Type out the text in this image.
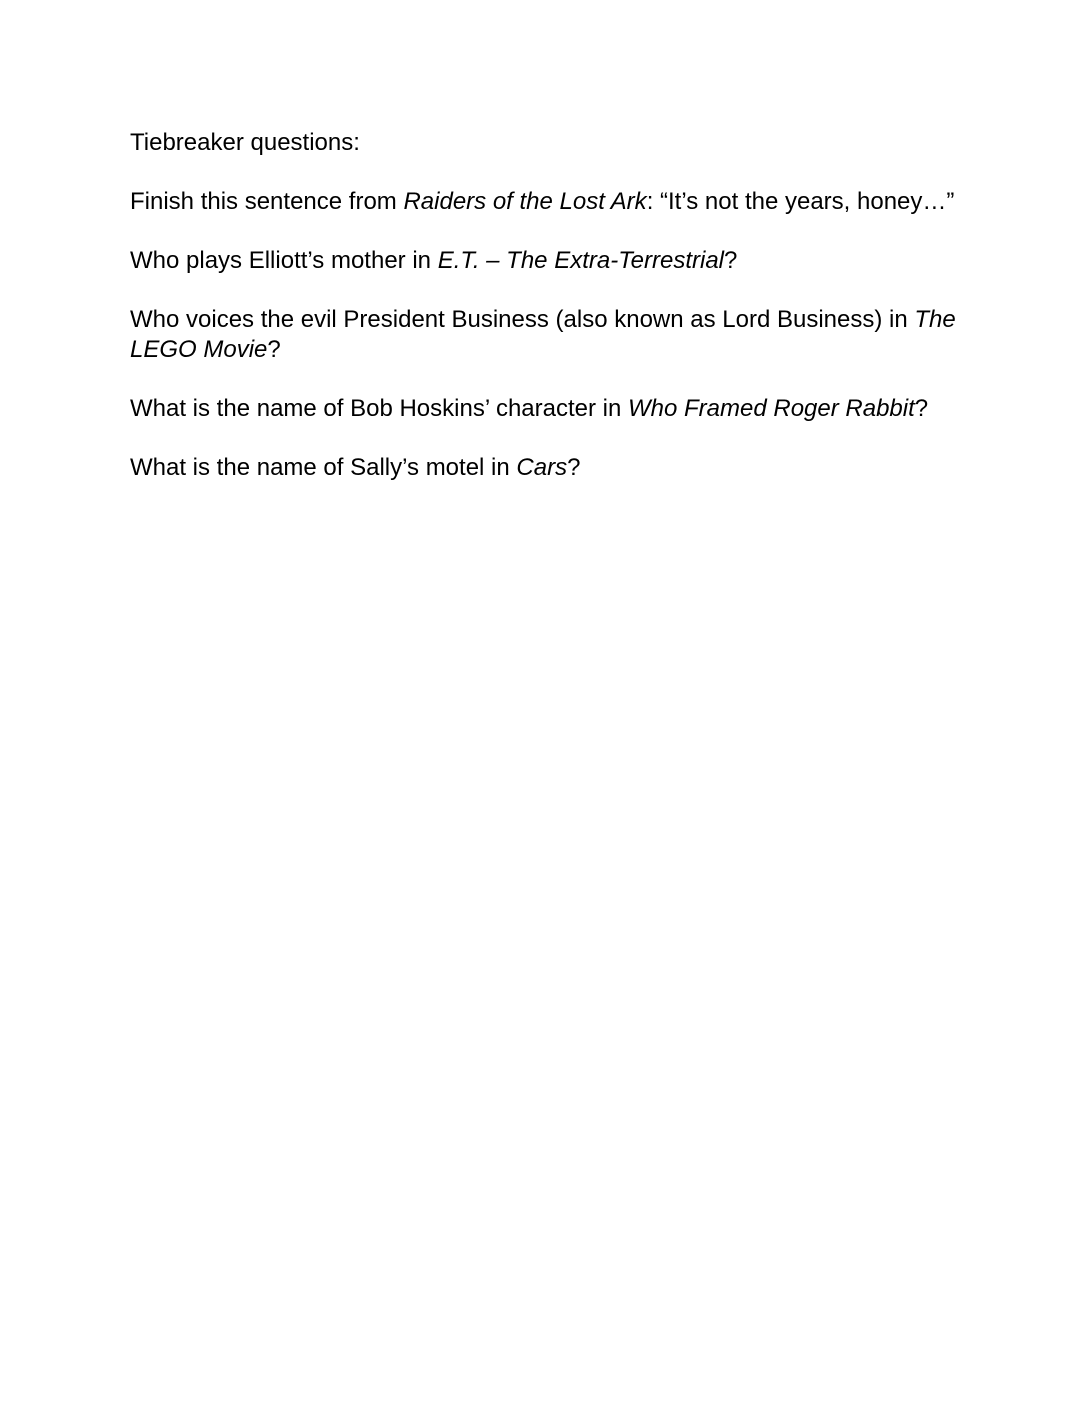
Tiebreaker questions:

Finish this sentence from Raiders of the Lost Ark: “It’s not the years, honey…”

Who plays Elliott’s mother in E.T. – The Extra-Terrestrial?

Who voices the evil President Business (also known as Lord Business) in The LEGO Movie?

What is the name of Bob Hoskins’ character in Who Framed Roger Rabbit?

What is the name of Sally’s motel in Cars?
